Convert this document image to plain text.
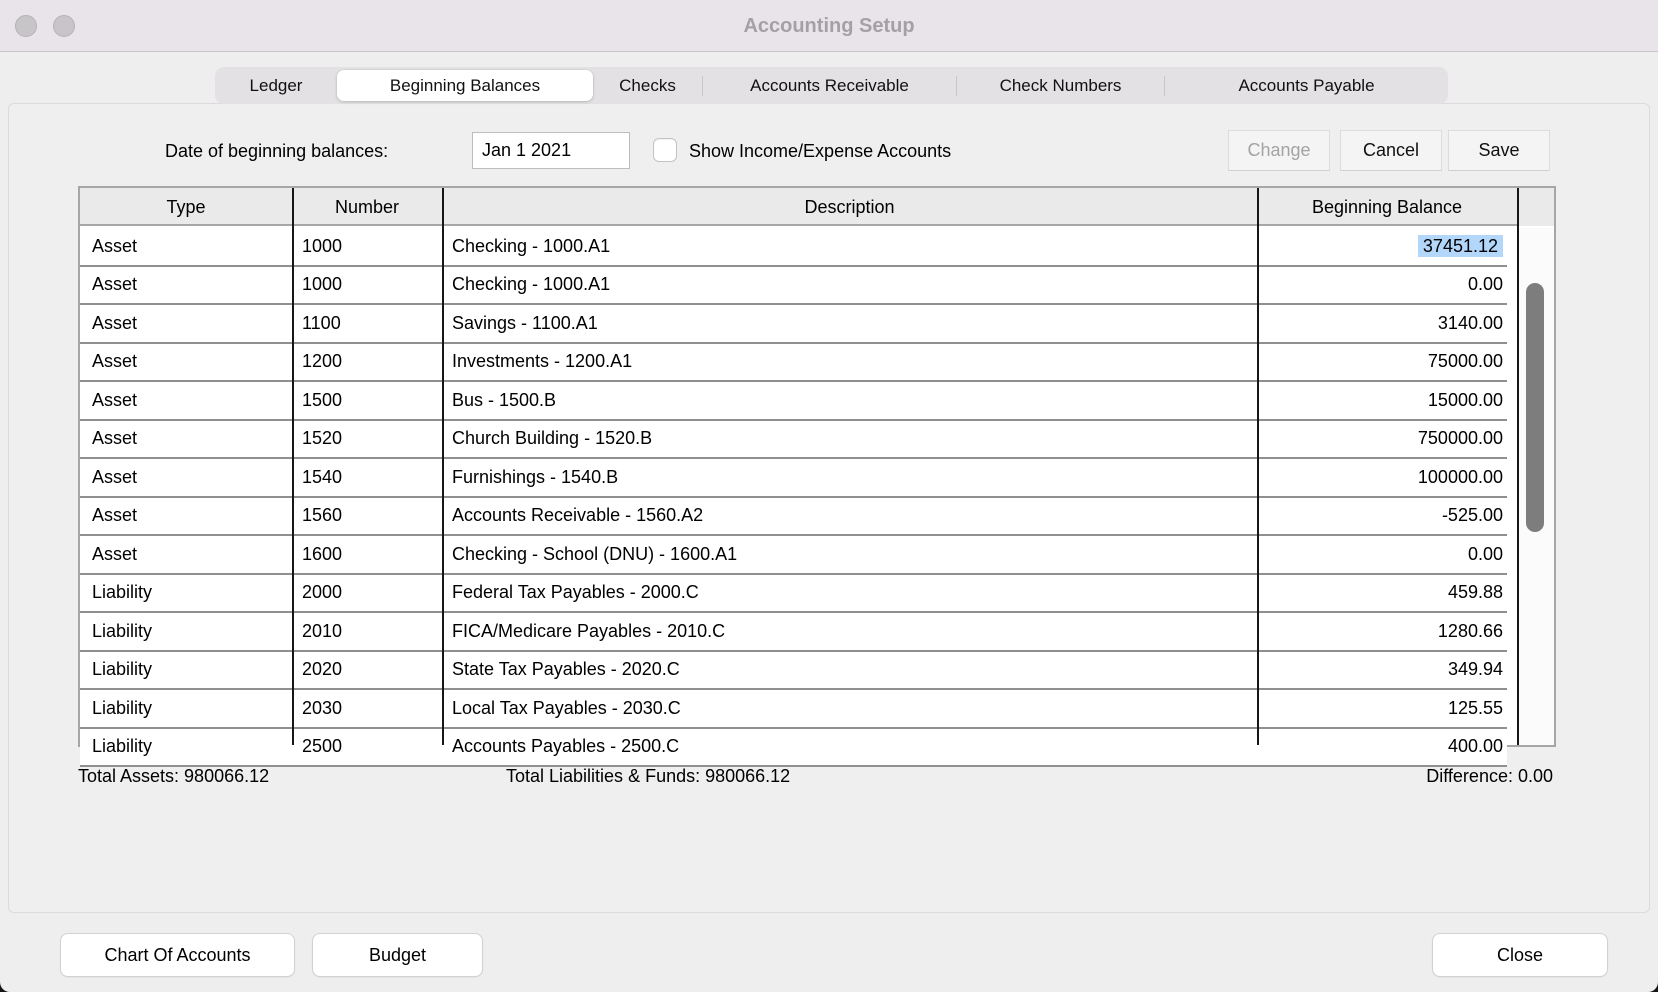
Accounting Setup
Ledger	Beginning Balances	Checks	Accounts Receivable	Check Numbers	Accounts Payable
Date of beginning balances:
Jan 1 2021	Show Income/Expense Accounts	Change	Cancel	Save
Type	Number	Description	Beginning Balance
Asset	1000	Checking - 1000.A1	37451.12
Asset	1000	Checking - 1000.A1	0.00
Asset	1100	Savings - 1100.A1	3140.00
Asset	1200	Investments - 1200.A1	75000.00
Asset	1500	Bus - 1500.B	15000.00
Asset	1520	Church Building - 1520.B	750000.00
Asset	1540	Furnishings - 1540.B	100000.00
Asset	1560	Accounts Receivable - 1560.A2	-525.00
Asset	1600	Checking - School (DNU) - 1600.A1	0.00
Liability	2000	Federal Tax Payables - 2000.C	459.88
Liability	2010	FICA/Medicare Payables - 2010.C	1280.66
Liability	2020	State Tax Payables - 2020.C	349.94
Liability	2030	Local Tax Payables - 2030.C	125.55
Liability	2500	Accounts Payables - 2500.C	400.00
Total Assets: 980066.12	Total Liabilities & Funds: 980066.12	Difference: 0.00
Chart Of Accounts	Budget	Close
